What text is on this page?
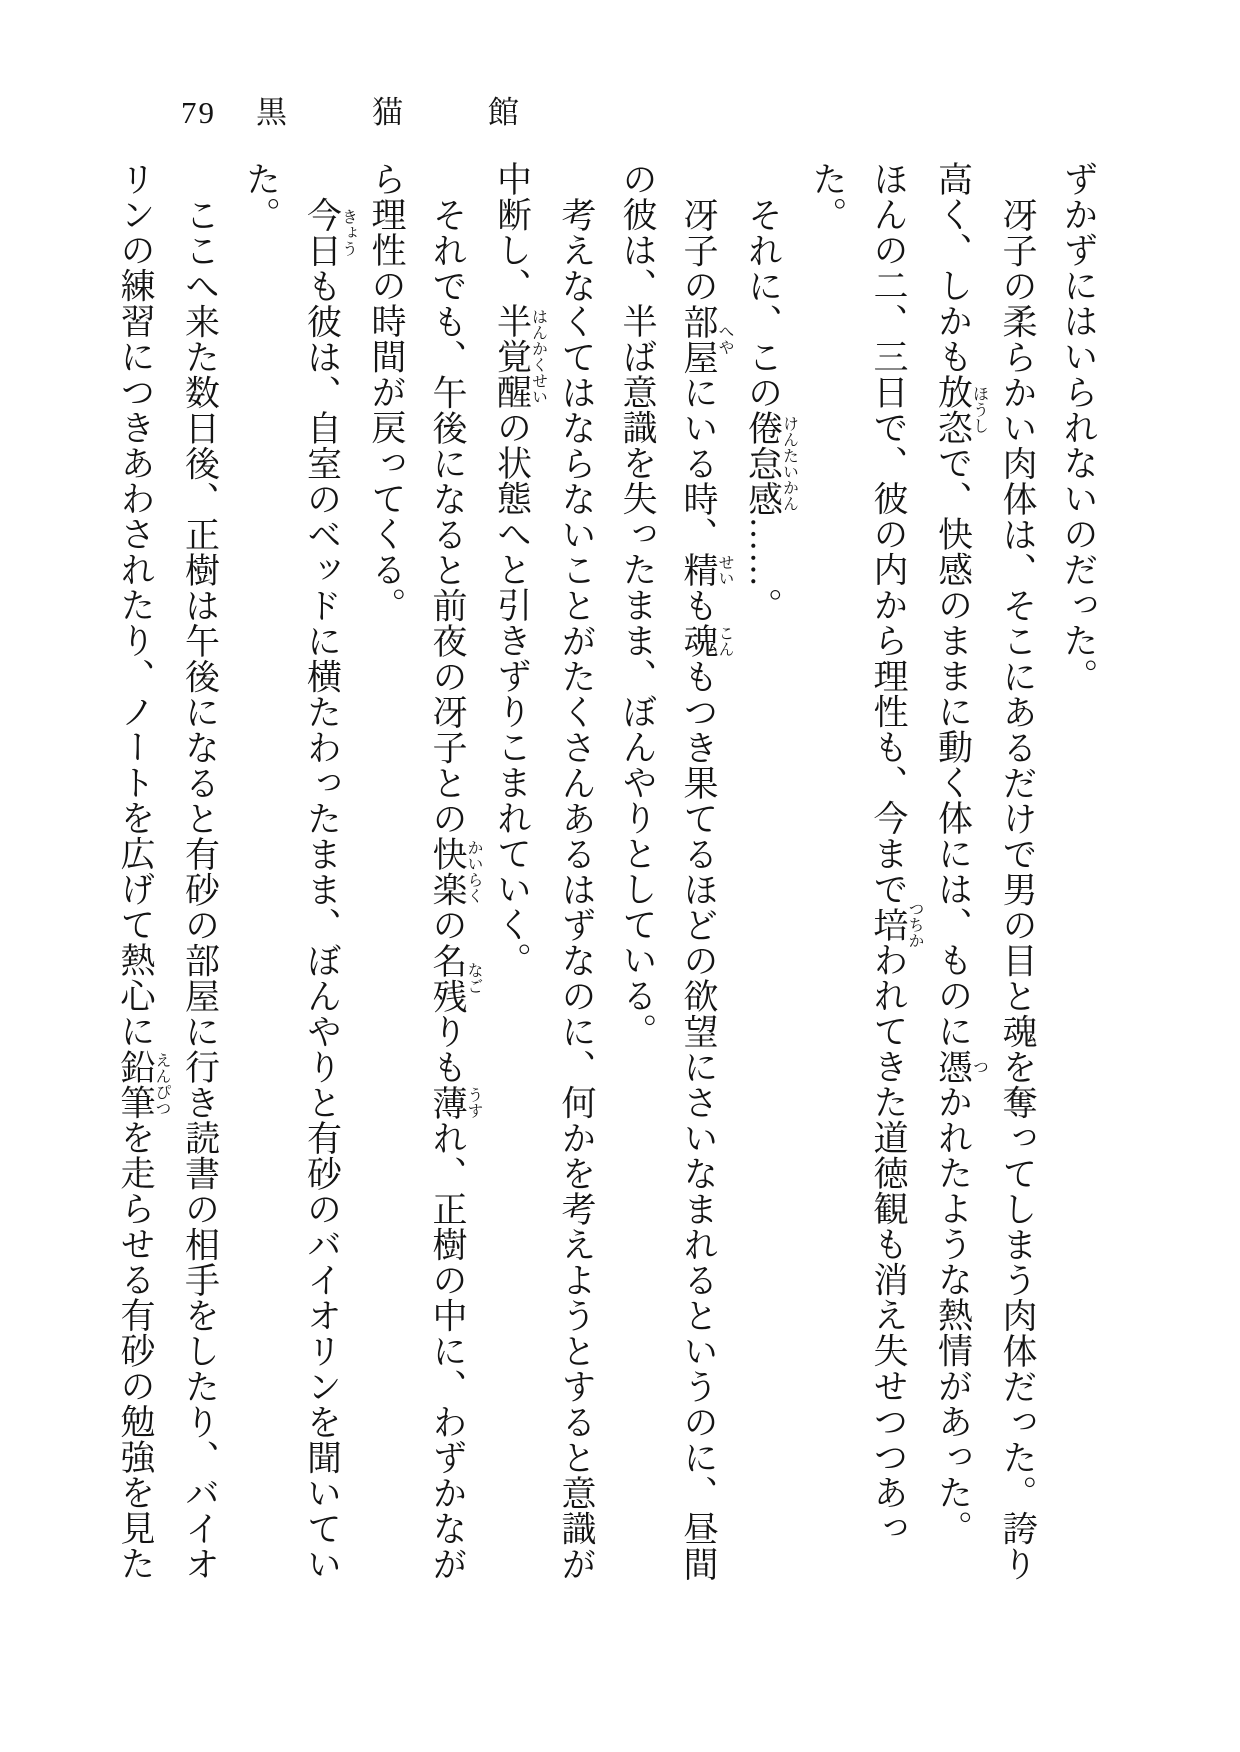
79 黒　猫　館

ずかずにはいられないのだった。

冴子の柔らかい肉体は、そこにあるだけで男の目と魂を奪ってしまう肉体だった。誇り

高く、しかも放恣ほうしで、快感のままに動く体には、ものに憑つかれたような熱情があった。

ほんの二、三日で、彼の内から理性も、今まで培つちかわれてきた道徳観も消え失せつつあっ

た。

それに、この倦怠感けんたいかん……。

冴子の部屋へやにいる時、精せいも魂こんもつき果てるほどの欲望にさいなまれるというのに、昼間

の彼は、半ば意識を失ったまま、ぼんやりとしている。

考えなくてはならないことがたくさんあるはずなのに、何かを考えようとすると意識が

中断し、半覚醒はんかくせいの状態へと引きずりこまれていく。

それでも、午後になると前夜の冴子との快楽かいらくの名残なごりも薄うすれ、正樹の中に、わずかなが

ら理性の時間が戻ってくる。

今日きょうも彼は、自室のベッドに横たわったまま、ぼんやりと有砂のバイオリンを聞いてい

た。

ここへ来た数日後、正樹は午後になると有砂の部屋に行き読書の相手をしたり、バイオ

リンの練習につきあわされたり、ノートを広げて熱心に鉛筆えんぴつを走らせる有砂の勉強を見た
